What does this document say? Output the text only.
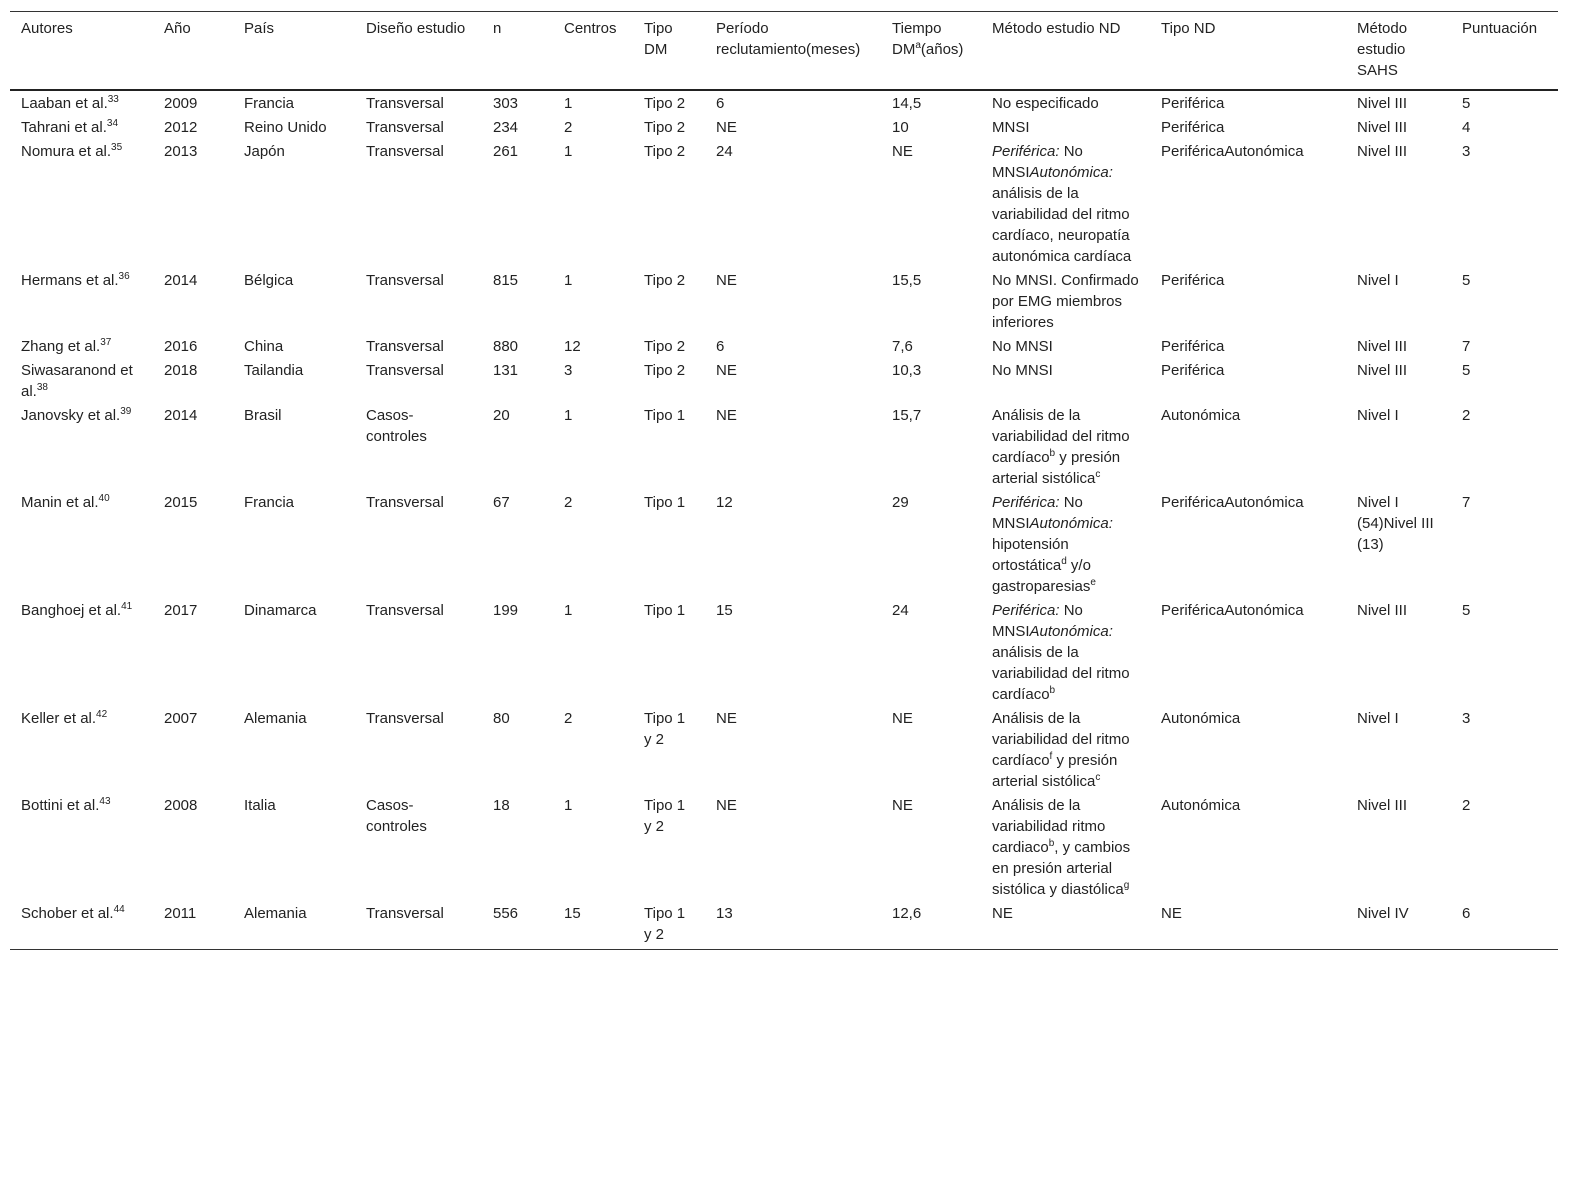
Autores	Año	País	Diseño estudio	n	Centros	Tipo DM	Período reclutamiento(meses)	Tiempo $DM^a(años)$	Método estudio ND	Tipo ND	Método estudio SAHS	Puntuación
Laaban et al.$^{33}$	2009	Francia	Transversal	303	1	Tipo 2	6	14,5	No especificado	Periférica	Nivel III	5
Tahrani et al.$^{34}$	2012	Reino Unido	Transversal	234	2	Tipo 2	NE	10	MNSI	Periférica	Nivel III	4
Nomura et al.$^{35}$	2013	Japón	Transversal	261	1	Tipo 2	24	NE	Periférica: No MNSIAutonómica: análisis de la variabilidad del ritmo cardíaco, neuropatía autonómica cardíaca	PeriféricaAutonómica	Nivel III	3
Hermans et al.$^{36}$	2014	Bélgica	Transversal	815	1	Tipo 2	NE	15,5	No MNSI. Confirmado por EMG miembros inferiores	Periférica	Nivel I	5
Zhang et al.$^{37}$	2016	China	Transversal	880	12	Tipo 2	6	7,6	No MNSI	Periférica	Nivel III	7
Siwasaranond et al.$^{38}$	2018	Tailandia	Transversal	131	3	Tipo 2	NE	10,3	No MNSI	Periférica	Nivel III	5
Janovsky et al.$^{39}$	2014	Brasil	Casos-controles	20	1	Tipo 1	NE	15,7	Análisis de la variabilidad del ritmo cardíaco$^b$ y presión arterial sistólica$^c$	Autonómica	Nivel I	2
Manin et al.$^{40}$	2015	Francia	Transversal	67	2	Tipo 1	12	29	Periférica: No MNSIAutonómica: hipotensión ortostática$^d$ y/o gastroparesias$^e$	PeriféricaAutonómica	Nivel I (54)Nivel III (13)	7
Banghoej et al.$^{41}$	2017	Dinamarca	Transversal	199	1	Tipo 1	15	24	Periférica: No MNSIAutonómica: análisis de la variabilidad del ritmo cardíaco$^b$	PeriféricaAutonómica	Nivel III	5
Keller et al.$^{42}$	2007	Alemania	Transversal	80	2	Tipo 1 y 2	NE	NE	Análisis de la variabilidad del ritmo cardíaco$^f$ y presión arterial sistólica$^c$	Autonómica	Nivel I	3
Bottini et al.$^{43}$	2008	Italia	Casos-controles	18	1	Tipo 1 y 2	NE	NE	Análisis de la variabilidad ritmo cardiaco$^b$, y cambios en presión arterial sistólica y diastólica$^g$	Autonómica	Nivel III	2
Schober et al.$^{44}$	2011	Alemania	Transversal	556	15	Tipo 1 y 2	13	12,6	NE	NE	Nivel IV	6
